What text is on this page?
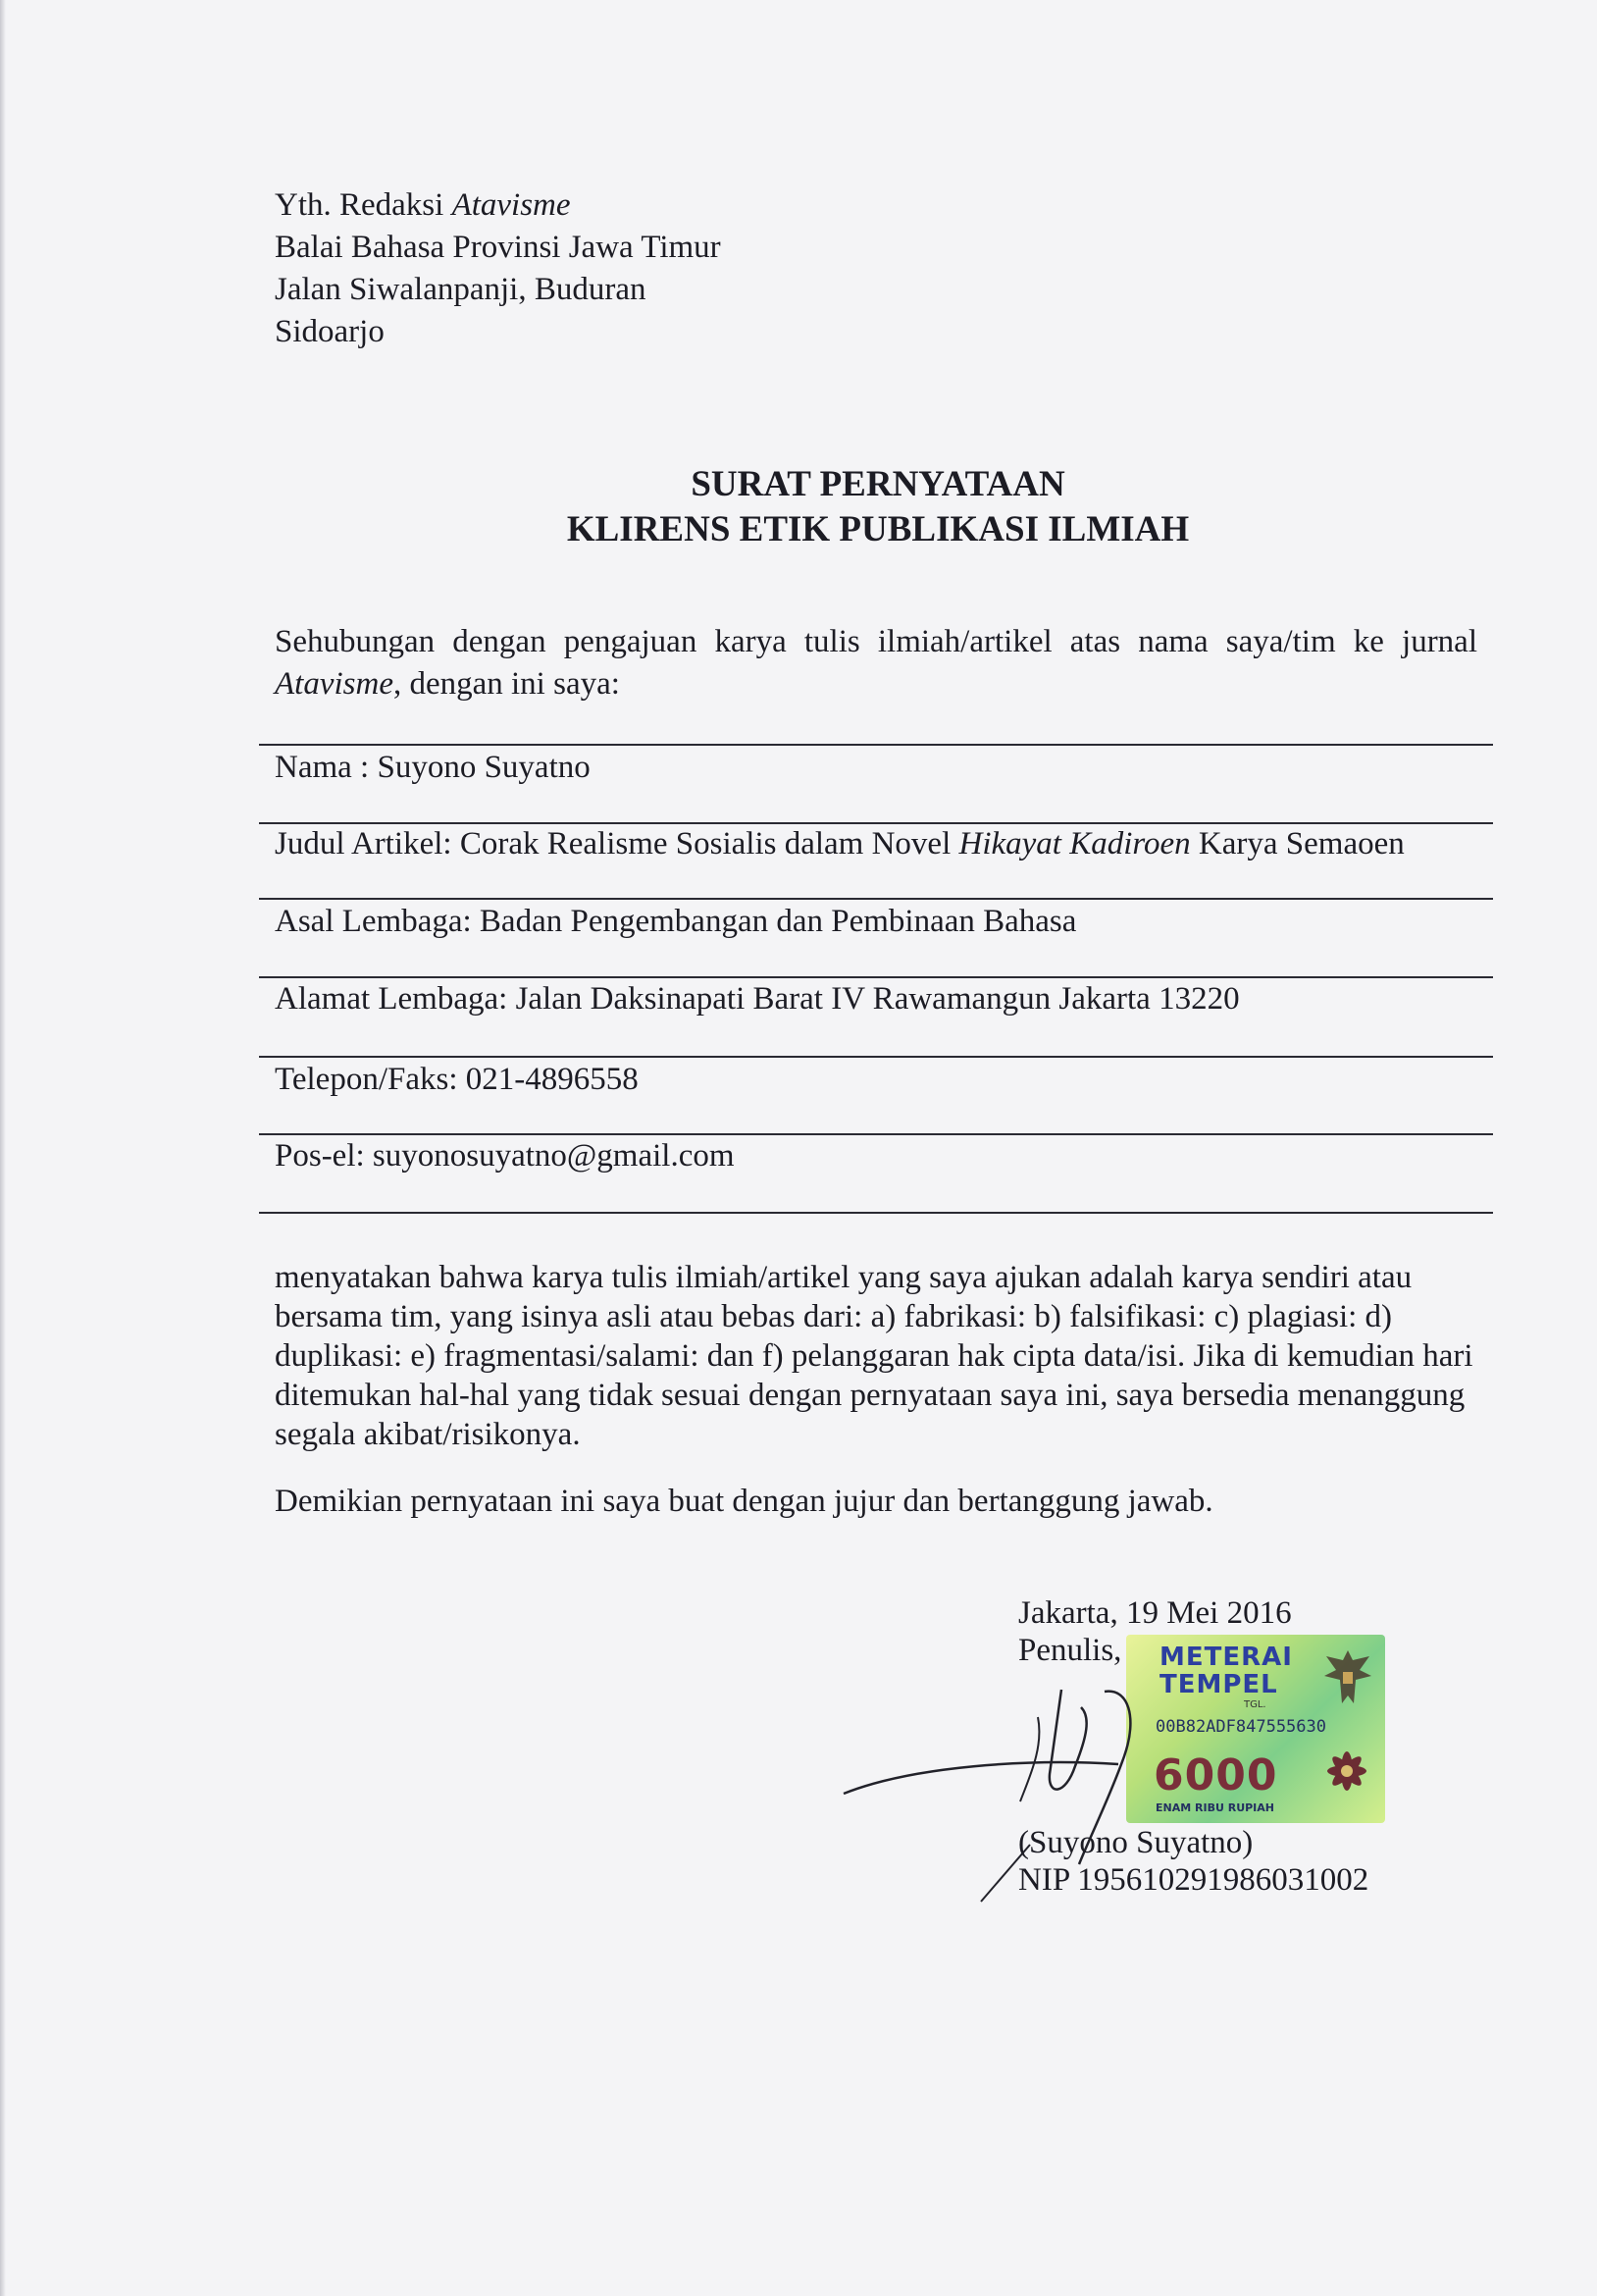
Yth. Redaksi Atavisme
Balai Bahasa Provinsi Jawa Timur
Jalan Siwalanpanji, Buduran
Sidoarjo
SURAT PERNYATAAN
KLIRENS ETIK PUBLIKASI ILMIAH
Sehubungan dengan pengajuan karya tulis ilmiah/artikel atas nama saya/tim ke jurnal Atavisme, dengan ini saya:
Nama : Suyono Suyatno
Judul Artikel: Corak Realisme Sosialis dalam Novel Hikayat Kadiroen Karya Semaoen
Asal Lembaga: Badan Pengembangan dan Pembinaan Bahasa
Alamat Lembaga: Jalan Daksinapati Barat IV Rawamangun Jakarta 13220
Telepon/Faks: 021-4896558
Pos-el: suyonosuyatno@gmail.com
menyatakan bahwa karya tulis ilmiah/artikel yang saya ajukan adalah karya sendiri atau bersama tim, yang isinya asli atau bebas dari: a) fabrikasi: b) falsifikasi: c) plagiasi: d) duplikasi: e) fragmentasi/salami: dan f) pelanggaran hak cipta data/isi. Jika di kemudian hari ditemukan hal-hal yang tidak sesuai dengan pernyataan saya ini, saya bersedia menanggung segala akibat/risikonya.
Demikian pernyataan ini saya buat dengan jujur dan bertanggung jawab.
Jakarta, 19 Mei 2016
Penulis, METERAI
TEMPEL
TGL.
00B82ADF847555630
6000
ENAM RIBU RUPIAH
(Suyono Suyatno)
NIP 195610291986031002
